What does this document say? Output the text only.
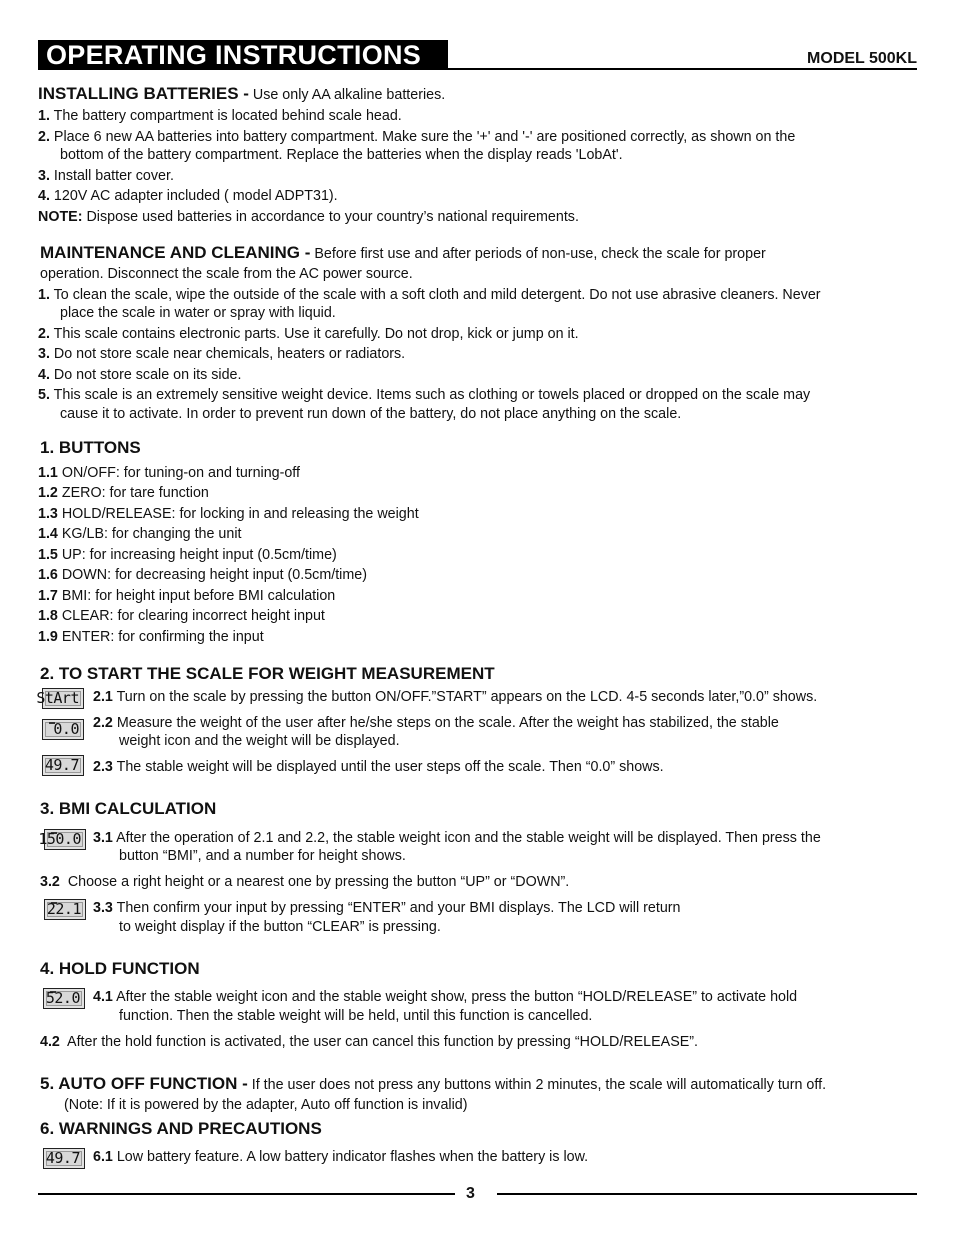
OPERATING INSTRUCTIONS	MODEL 500KL
INSTALLING BATTERIES - Use only AA alkaline batteries.
1. The battery compartment is located behind scale head.
2. Place 6 new AA batteries into battery compartment. Make sure the '+' and '-' are positioned correctly, as shown on the
bottom of the battery compartment. Replace the batteries when the display reads 'LobAt'.
3. Install batter cover.
4. 120V AC adapter included ( model ADPT31).
NOTE: Dispose used batteries in accordance to your country’s national requirements.
MAINTENANCE AND CLEANING - Before first use and after periods of non-use, check the scale for proper
operation. Disconnect the scale from the AC power source.
1. To clean the scale, wipe the outside of the scale with a soft cloth and mild detergent. Do not use abrasive cleaners. Never
place the scale in water or spray with liquid.
2. This scale contains electronic parts. Use it carefully. Do not drop, kick or jump on it.
3. Do not store scale near chemicals, heaters or radiators.
4. Do not store scale on its side.
5. This scale is an extremely sensitive weight device. Items such as clothing or towels placed or dropped on the scale may
cause it to activate. In order to prevent run down of the battery, do not place anything on the scale.
1. BUTTONS
1.1 ON/OFF: for tuning-on and turning-off
1.2 ZERO: for tare function
1.3 HOLD/RELEASE: for locking in and releasing the weight
1.4 KG/LB: for changing the unit
1.5 UP: for increasing height input (0.5cm/time)
1.6 DOWN: for decreasing height input (0.5cm/time)
1.7 BMI: for height input before BMI calculation
1.8 CLEAR: for clearing incorrect height input
1.9 ENTER: for confirming the input
2. TO START THE SCALE FOR WEIGHT MEASUREMENT
StArt 2.1 Turn on the scale by pressing the button ON/OFF.”START” appears on the LCD. 4-5 seconds later,”0.0” shows.
0.0 2.2 Measure the weight of the user after he/she steps on the scale. After the weight has stabilized, the stable
weight icon and the weight will be displayed.
49.7 2.3 The stable weight will be displayed until the user steps off the scale. Then “0.0” shows.
3. BMI CALCULATION
150.0 3.1 After the operation of 2.1 and 2.2, the stable weight icon and the stable weight will be displayed. Then press the
button “BMI”, and a number for height shows.
3.2 Choose a right height or a nearest one by pressing the button “UP” or “DOWN”.
22.1 3.3 Then confirm your input by pressing “ENTER” and your BMI displays. The LCD will return
to weight display if the button “CLEAR” is pressing.
4. HOLD FUNCTION
52.0 4.1 After the stable weight icon and the stable weight show, press the button “HOLD/RELEASE” to activate hold
function. Then the stable weight will be held, until this function is cancelled.
4.2 After the hold function is activated, the user can cancel this function by pressing “HOLD/RELEASE”.
5. AUTO OFF FUNCTION - If the user does not press any buttons within 2 minutes, the scale will automatically turn off.
(Note: If it is powered by the adapter, Auto off function is invalid)
6. WARNINGS AND PRECAUTIONS
49.7 6.1 Low battery feature. A low battery indicator flashes when the battery is low.
3
